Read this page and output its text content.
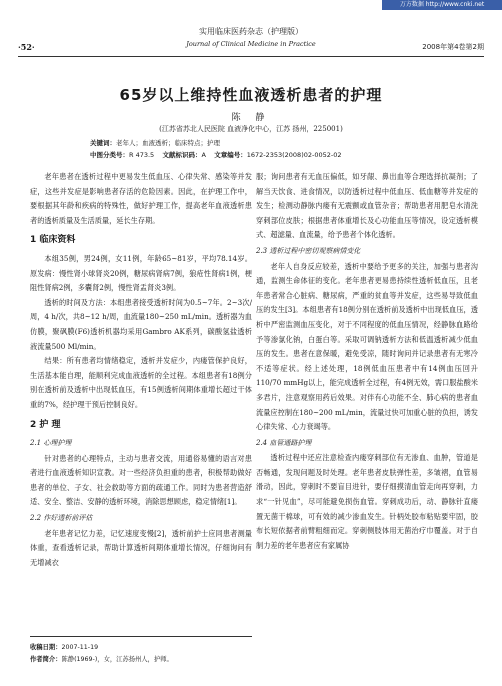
万方数据 http://www.cnki.net
实用临床医药杂志（护理版）
·52·	Journal of Clinical Medicine in Practice	2008年第4卷第2期
65岁以上维持性血液透析患者的护理
陈 静
(江苏省苏北人民医院 血液净化中心，江苏 扬州，225001)
关键词：老年人；血液透析；临床特点；护理
中图分类号：R 473.5 文献标识码：A 文章编号：1672-2353(2008)02-0052-02

老年患者在透析过程中更易发生低血压、心律失常、感染等并发症，这些并发症是影响患者存活的危险因素。因此，在护理工作中，要根据其年龄和疾病的特殊性，做好护理工作，提高老年血液透析患者的透析质量及生活质量，延长生存期。

1 临床资料

本组35例，男24例，女11例，年龄65~81岁，平均78.14岁。原发病：慢性肾小球肾炎20例，糖尿病肾病7例，狼疮性肾病1例，梗阻性肾病2例，多囊肾2例，慢性肾盂肾炎3例。

透析的时间及方法：本组患者接受透析时间为0.5~7年。2~3次/周，4 h/次，共8~12 h/周，血流量180~250 mL/min。透析器为血仿膜，聚砜膜(F6)透析机器均采用Gambro AK系列，碳酸氢盐透析液流量500 Ml/min。

结果：所有患者均情绪稳定，透析并发症少，内瘘管保护良好，生活基本能自理，能顺利完成血液透析的全过程。本组患者有18例分别在透析前及透析中出现低血压，有15例透析间期体重增长超过干体重的7%，经护理干预后控制良好。

2 护 理
2.1 心理护理

针对患者的心理特点，主动与患者交流，用通俗易懂的语言对患者进行血液透析知识宣教。对一些经济负担重的患者，积极帮助做好患者的单位、子女、社会救助等方面的疏通工作。同时为患者营造舒适、安全、整洁、安静的透析环境，消除思想顾虑，稳定情绪[1]。

2.2 作好透析前评估

老年患者记忆力差，记忆速度变慢[2]，透析前护士应同患者测量体重，查看透析记录，帮助计算透析间期体重增长情况，仔细询问有无增减衣

服；询问患者有无血压偏低，如牙龈、鼻出血等合理选择抗凝剂；了解当天饮食、进食情况，以防透析过程中低血压、低血糖等并发症的发生；检测动静脉内瘘有无震颤或血管杂音；帮助患者用肥皂水清洗穿刺部位皮肤；根据患者体重增长及心功能血压等情况，设定透析模式、超滤量、血流量，给予患者个体化透析。

2.3 透析过程中密切观察病情变化

老年人自身反应较差，透析中要给予更多的关注，加强与患者沟通，监测生命体征的变化。老年患者更易患持续性透析低血压，且老年患者常合心脏病、糖尿病，严重的贫血等并发症，这些易导致低血压的发生[3]。本组患者有18例分别在透析前及透析中出现低血压，透析中严密监测血压变化，对于不同程度的低血压情况，经静脉血路给予等渗氯化钠，白蛋白等。采取可调钠透析方法和低温透析减少低血压的发生。患者在意保暖，避免受凉，随时询问并记录患者有无寒冷不适等症状。经上述处理，18例低血压患者中有14例血压回升110/70 mmHg以上，能完成透析全过程，有4例无效，需口服盐酸米多君片，注意观察用药后效果。对伴有心功能不全、肺心病的患者血流量应控制在180~200 mL/min，流量过快可加重心脏的负担，诱发心律失常、心力衰竭等。

2.4 血管通路护理

透析过程中还应注意检查内瘘穿刺部位有无渗血、血肿，管道是否畅通，发现问题及时处理。老年患者皮肤弹性差，多皱褶，血管易滑动，因此，穿刺时不要盲目进针，要仔细摸清血管走向再穿刺，力求“一针见血”，尽可能避免损伤血管。穿刺成功后，动、静脉针直瘘置无菌干棉球，可有效的减少渗血发生。针柄处胶布粘贴要牢固，胶布长短依据者前臂粗细而定。穿刺侧肢体用无菌治疗巾覆盖。对于自制力差的老年患者应有家属协

收稿日期：2007-11-19
作者简介：陈静(1969-)，女，江苏扬州人，护师。
